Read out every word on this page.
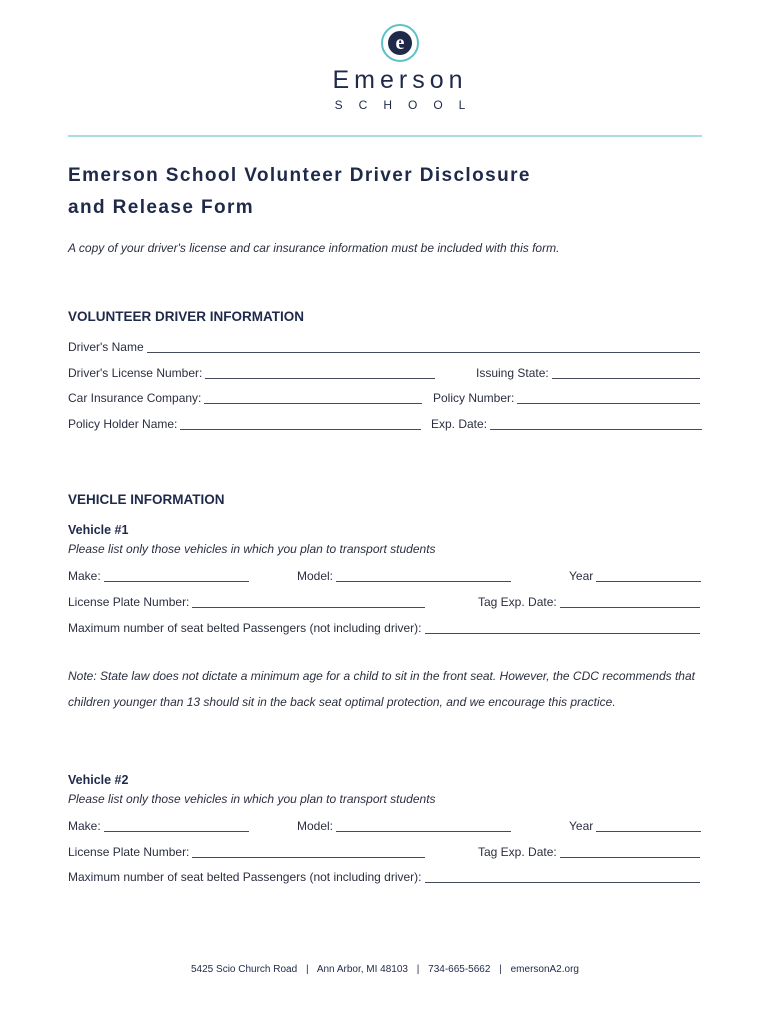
e
Emerson
SCHOOL
Emerson School Volunteer Driver Disclosure
and Release Form
A copy of your driver's license and car insurance information must be included with this form.
VOLUNTEER DRIVER INFORMATION
Driver's Name
Driver's License Number:	Issuing State:
Car Insurance Company:	Policy Number:
Policy Holder Name:	Exp. Date:
VEHICLE INFORMATION
Vehicle #1
Please list only those vehicles in which you plan to transport students
Make:	Model:	Year
License Plate Number:	Tag Exp. Date:
Maximum number of seat belted Passengers (not including driver):
Note: State law does not dictate a minimum age for a child to sit in the front seat. However, the CDC recommends that children younger than 13 should sit in the back seat optimal protection, and we encourage this practice.
Vehicle #2
Please list only those vehicles in which you plan to transport students
Make:	Model:	Year
License Plate Number:	Tag Exp. Date:
Maximum number of seat belted Passengers (not including driver):
5425 Scio Church Road | Ann Arbor, MI 48103 | 734-665-5662 | emersonA2.org
